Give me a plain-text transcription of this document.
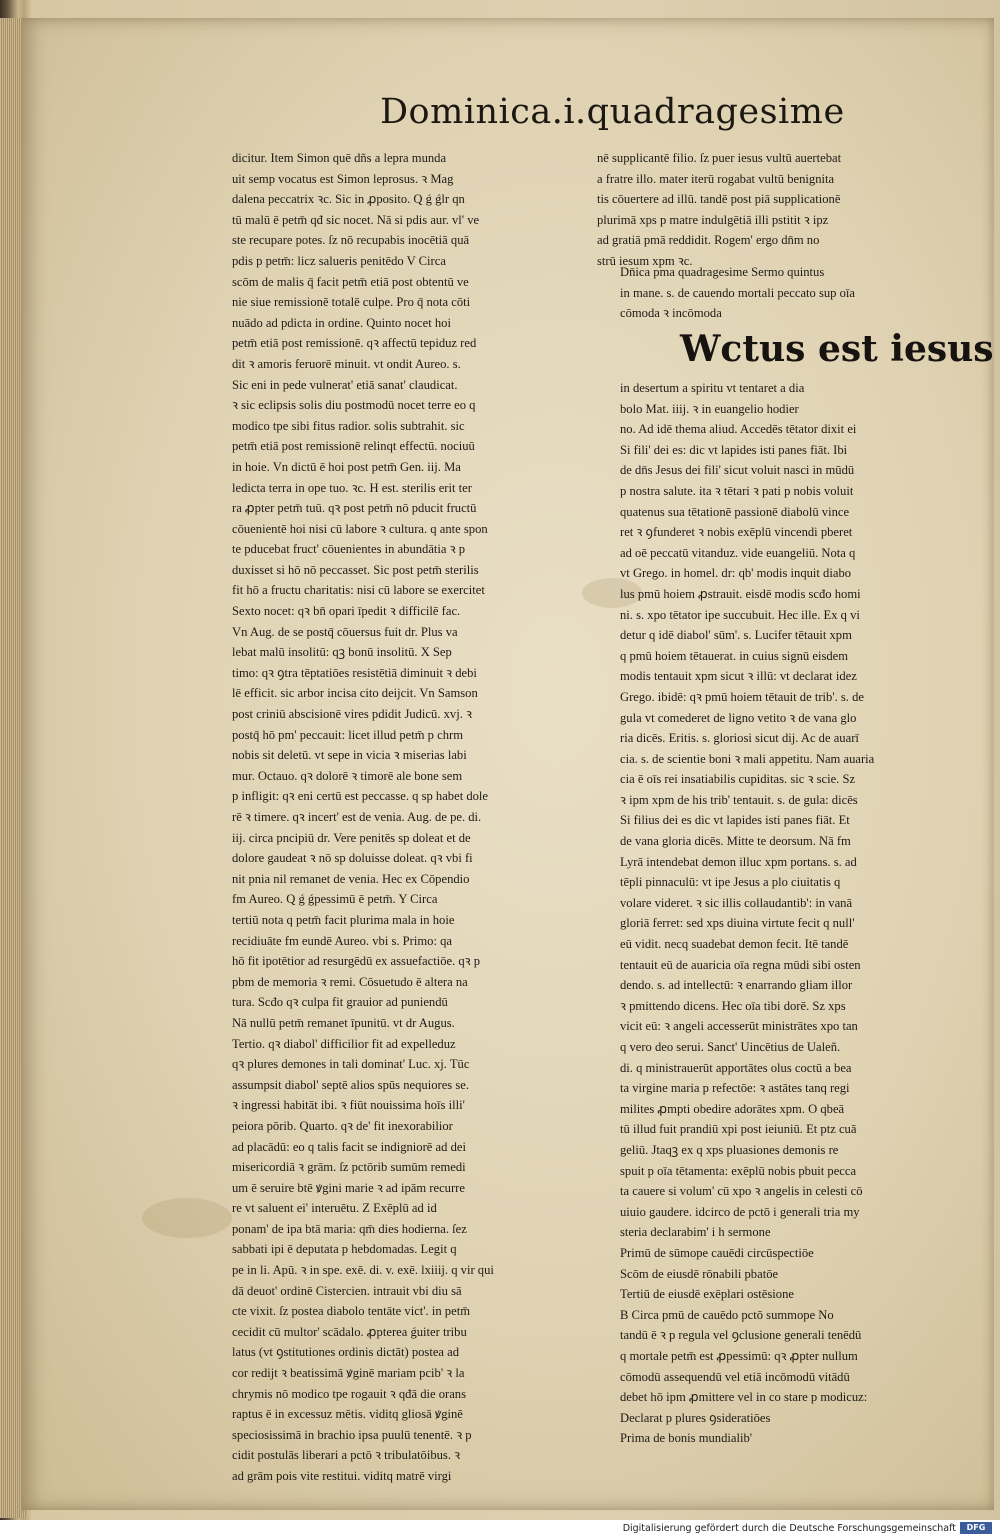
Dominica.i.quadragesime
dicitur. Item Simon quē dñs a lepra munda
uit semp vocatus est Simon leprosus. ꝛ Mag
dalena peccatrix ꝛc. Sic in ꝓposito. Q ǵ ǵlr qn
tū malū ē petm̄ qđ sic nocet. Nā si pdis aur. vl' ve
ste recupare potes. ſz nō recupabis inocētiā quā
pdis p petm̄: licz salueris penitēdo V Circa
scōm de malis q̄ facit petm̄ etiā post obtentū ve
nie siue remissionē totalē culpe. Pro q̄ nota cōti
nuādo ad pdicta in ordine. Quinto nocet hoi
petm̄ etiā post remissionē. qꝛ affectū tepiduz red
dit ꝛ amoris feruorē minuit. vt ondit Aureo. s.
Sic eni in pede vulnerat' etiā sanat' claudicat.
ꝛ sic eclipsis solis diu postmodū nocet terre eo q
modico tpe sibi fitus radior. solis subtrahit. sic
petm̄ etiā post remissionē relinqt effectū. nociuū
in hoie. Vn dictū ē hoi post petm̄ Gen. iij. Ma
ledicta terra in ope tuo. ꝛc. H est. sterilis erit ter
ra ꝓpter petm̄ tuū. qꝛ post petm̄ nō pducit fructū
cōuenientē hoi nisi cū labore ꝛ cultura. q ante spon
te pducebat fruct' cōuenientes in abundātia ꝛ p
duxisset si hō nō peccasset. Sic post petm̄ sterilis
fit hō a fructu charitatis: nisi cū labore se exercitet
Sexto nocet: qꝛ bn̄ opari īpedit ꝛ difficilē fac.
Vn Aug. de se postq̄ cōuersus fuit dr. Plus va
lebat malū insolitū: qꝫ bonū insolitū. X Sep
timo: qꝛ ꝯtra tēptatiōes resistētiā diminuit ꝛ debi
lē efficit. sic arbor incisa cito deijcit. Vn Samson
post criniū abscisionē vires pdidit Judicū. xvj. ꝛ
postq̄ hō pm' peccauit: licet illud petm̄ p chrm
nobis sit deletū. vt sepe in vicia ꝛ miserias labi
mur. Octauo. qꝛ dolorē ꝛ timorē ale bone sem
p infligit: qꝛ eni certū est peccasse. q sp habet dole
rē ꝛ timere. qꝛ incert' est de venia. Aug. de pe. di.
iij. circa pncipiū dr. Vere penitēs sp doleat et de
dolore gaudeat ꝛ nō sp doluisse doleat. qꝛ vbi fi
nit pnia nil remanet de venia. Hec ex Cōpendio
fm Aureo. Q ǵ ǵpessimū ē petm̄. Y Circa
tertiū nota q petm̄ facit plurima mala in hoie
recidiuāte fm eundē Aureo. vbi s. Primo: qa
hō fit ipotētior ad resurgēdū ex assuefactiōe. qꝛ p
pbm de memoria ꝛ remi. Cōsuetudo ē altera na
tura. Scđo qꝛ culpa fit grauior ad puniendū
Nā nullū petm̄ remanet īpunitū. vt dr Augus.
Tertio. qꝛ diabol' difficilior fit ad expelleduz
qꝛ plures demones in tali dominat' Luc. xj. Tūc
assumpsit diabol' septē alios spūs nequiores se.
ꝛ ingressi habitāt ibi. ꝛ fiūt nouissima hoīs illi'
peiora pōrib. Quarto. qꝛ de' fit inexorabilior
ad placādū: eo q talis facit se indigniorē ad dei
misericordiā ꝛ grām. ſz pctōrib sumūm remedi
um ē seruire btē ꝟgini marie ꝛ ad ipām recurre
re vt saluent ei' interuētu. Z Exēplū ad id
ponam' de ipa btā maria: qm̄ dies hodierna. ſez
sabbati ipi ē deputata p hebdomadas. Legit q
pe in li. Apū. ꝛ in spe. exē. di. v. exē. lxiiij. q vir qui
dā deuot' ordinē Cistercien. intrauit vbi diu sā
cte vixit. ſz postea diabolo tentāte vict'. in petm̄
cecidit cū multor' scādalo. ꝓpterea ǵuiter tribu
latus (vt ꝯstitutiones ordinis dictāt) postea ad
cor redijt ꝛ beatissimā ꝟginē mariam pcib' ꝛ la
chrymis nō modico tpe rogauit ꝛ qđā die orans
raptus ē in excessuz mētis. viditq gliosā ꝟginē
speciosissimā in brachio ipsa puulū tenentē. ꝛ p
cidit postulās liberari a pctō ꝛ tribulatōibus. ꝛ
ad grām pois vite restitui. viditq matrē virgi
nē supplicantē filio. ſz puer iesus vultū auertebat
a fratre illo. mater iterū rogabat vultū benignita
tis cōuertere ad illū. tandē post piā supplicationē
plurimā xps p matre indulgētiā illi pstitit ꝛ ipz
ad gratiā pmā reddidit. Rogem' ergo dn̄m no
strū iesum xpm ꝛc.
Dn̄ica pma quadragesime Sermo quintus
in mane. s. de cauendo mortali peccato sup oīa
cōmoda ꝛ incōmoda
Wctus est iesus
in desertum a spiritu vt tentaret a dia
bolo Mat. iiij. ꝛ in euangelio hodier
no. Ad idē thema aliud. Accedēs tētator dixit ei
Si fili' dei es: dic vt lapides isti panes fiāt. Ibi
de dn̄s Jesus dei fili' sicut voluit nasci in mūdū
p nostra salute. ita ꝛ tētari ꝛ pati p nobis voluit
quatenus sua tētationē passionē diabolū vince
ret ꝛ ꝯfunderet ꝛ nobis exēplū vincendi pberet
ad oē peccatū vitanduz. vide euangeliū. Nota q
vt Grego. in homel. dr: qb' modis inquit diabo
lus pmū hoiem ꝓstrauit. eisdē modis scđo homi
ni. s. xpo tētator ipe succubuit. Hec ille. Ex q vi
detur q idē diabol' sūm'. s. Lucifer tētauit xpm
q pmū hoiem tētauerat. in cuius signū eisdem
modis tentauit xpm sicut ꝛ illū: vt declarat idez
Grego. ibidē: qꝛ pmū hoiem tētauit de trib'. s. de
gula vt comederet de ligno vetito ꝛ de vana glo
ria dicēs. Eritis. s. gloriosi sicut dij. Ac de auarī
cia. s. de scientie boni ꝛ mali appetitu. Nam auaria
cia ē oīs rei insatiabilis cupiditas. sic ꝛ scie. Sz
ꝛ ipm xpm de his trib' tentauit. s. de gula: dicēs
Si filius dei es dic vt lapides isti panes fiāt. Et
de vana gloria dicēs. Mitte te deorsum. Nā fm
Lyrā intendebat demon illuc xpm portans. s. ad
tēpli pinnaculū: vt ipe Jesus a plo ciuitatis q
volare videret. ꝛ sic illis collaudantib': in vanā
gloriā ferret: sed xps diuina virtute fecit q null'
eū vidit. necq suadebat demon fecit. Itē tandē
tentauit eū de auaricia oīa regna mūdi sibi osten
dendo. s. ad intellectū: ꝛ enarrando gliam illor
ꝛ pmittendo dicens. Hec oīa tibi dorē. Sz xps
vicit eū: ꝛ angeli accesserūt ministrātes xpo tan
q vero deo serui. Sanct' Uincētius de Ualeñ.
di. q ministrauerūt apportātes olus coctū a bea
ta virgine maria p refectōe: ꝛ astātes tanq regi
milites ꝓmpti obedire adorātes xpm. O qbeā
tū illud fuit prandiū xpi post ieiuniū. Et ptz cuā
geliū. Jtaqꝫ ex q xps pluasiones demonis re
spuit p oīa tētamenta: exēplū nobis pbuit pecca
ta cauere si volum' cū xpo ꝛ angelis in celesti cō
uiuio gaudere. idcirco de pctō i generali tria my
steria declarabim' i h sermone
Primū de sūmope cauēdi circūspectiōe
Scōm de eiusdē rōnabili pbatōe
Tertiū de eiusdē exēplari ostēsione
B Circa pmū de cauēdo pctō summope No
tandū ē ꝛ p regula vel ꝯclusione generali tenēdū
q mortale petm̄ est ꝓpessimū: qꝛ ꝓpter nullum
cōmodū assequendū vel etiā incōmodū vitādū
debet hō ipm ꝓmittere vel in co stare p modicuz:
Declarat p plures ꝯsideratiōes
Prima de bonis mundialib'
Digitalisierung gefördert durch die Deutsche Forschungsgemeinschaft	DFG
